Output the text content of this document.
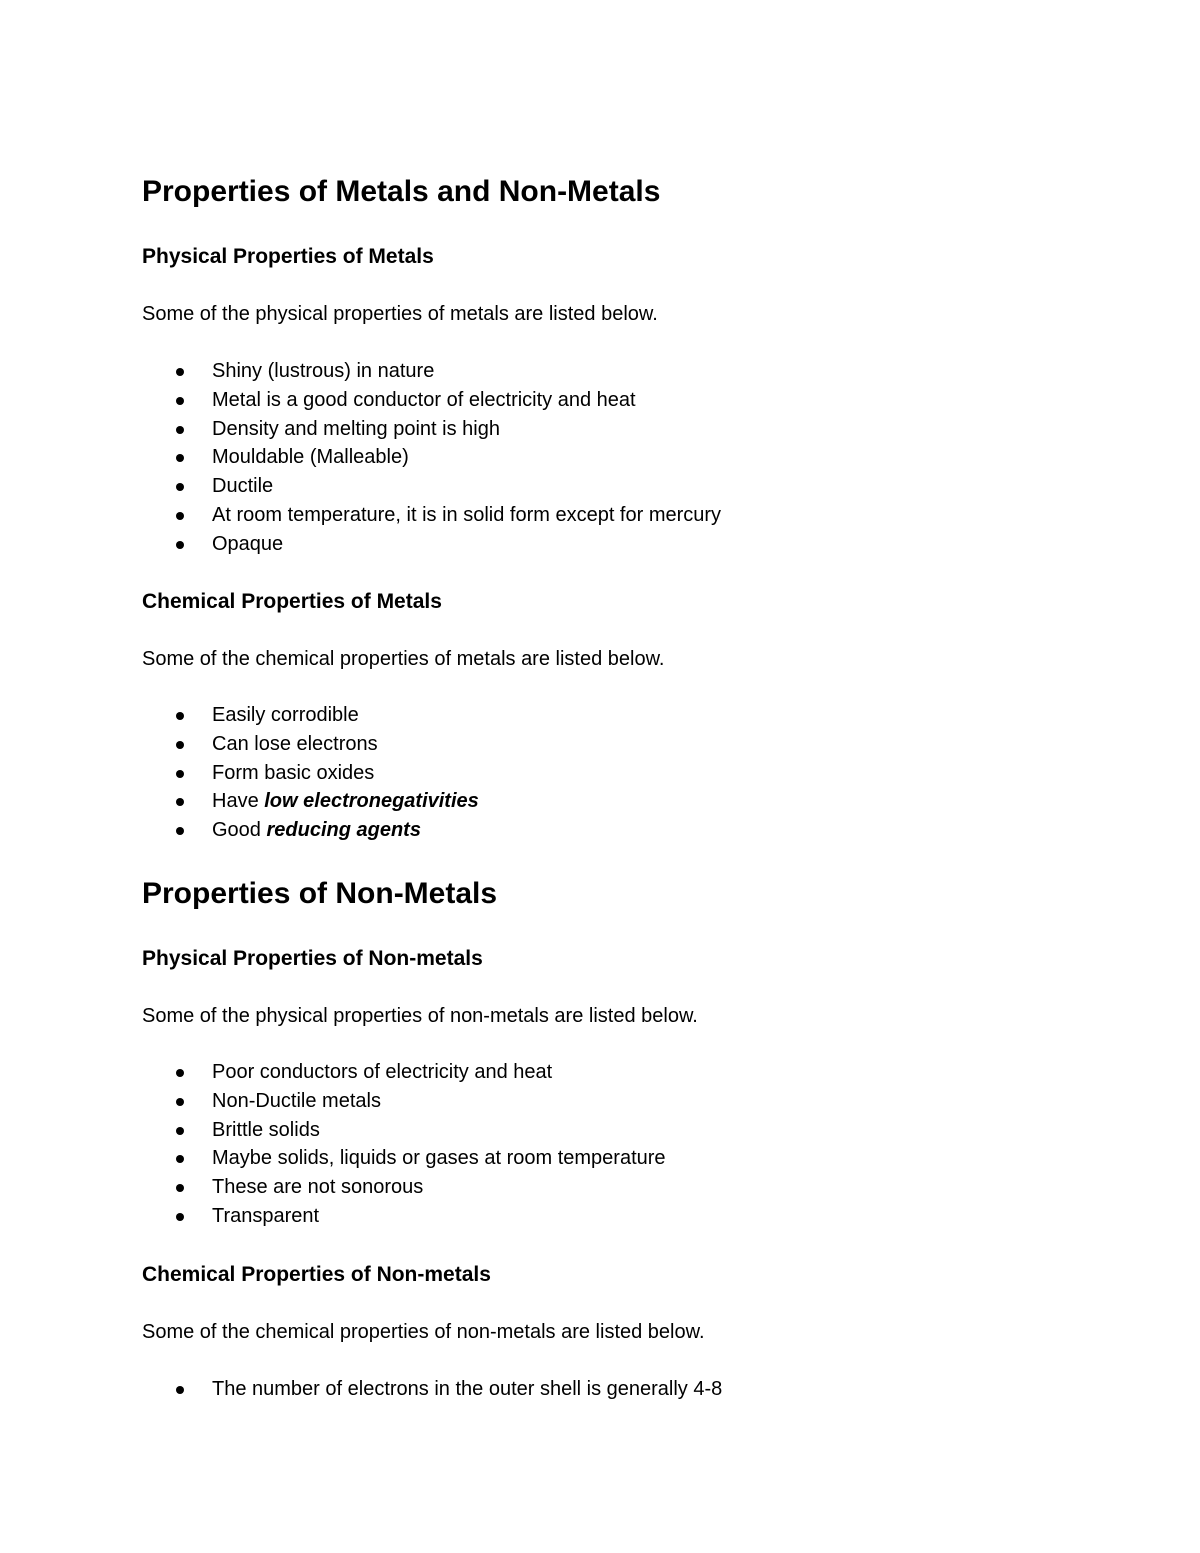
Properties of Metals and Non-Metals
Physical Properties of Metals
Some of the physical properties of metals are listed below.
Shiny (lustrous) in nature
Metal is a good conductor of electricity and heat
Density and melting point is high
Mouldable (Malleable)
Ductile
At room temperature, it is in solid form except for mercury
Opaque
Chemical Properties of Metals
Some of the chemical properties of metals are listed below.
Easily corrodible
Can lose electrons
Form basic oxides
Have low electronegativities
Good reducing agents
Properties of Non-Metals
Physical Properties of Non-metals
Some of the physical properties of non-metals are listed below.
Poor conductors of electricity and heat
Non-Ductile metals
Brittle solids
Maybe solids, liquids or gases at room temperature
These are not sonorous
Transparent
Chemical Properties of Non-metals
Some of the chemical properties of non-metals are listed below.
The number of electrons in the outer shell is generally 4-8
